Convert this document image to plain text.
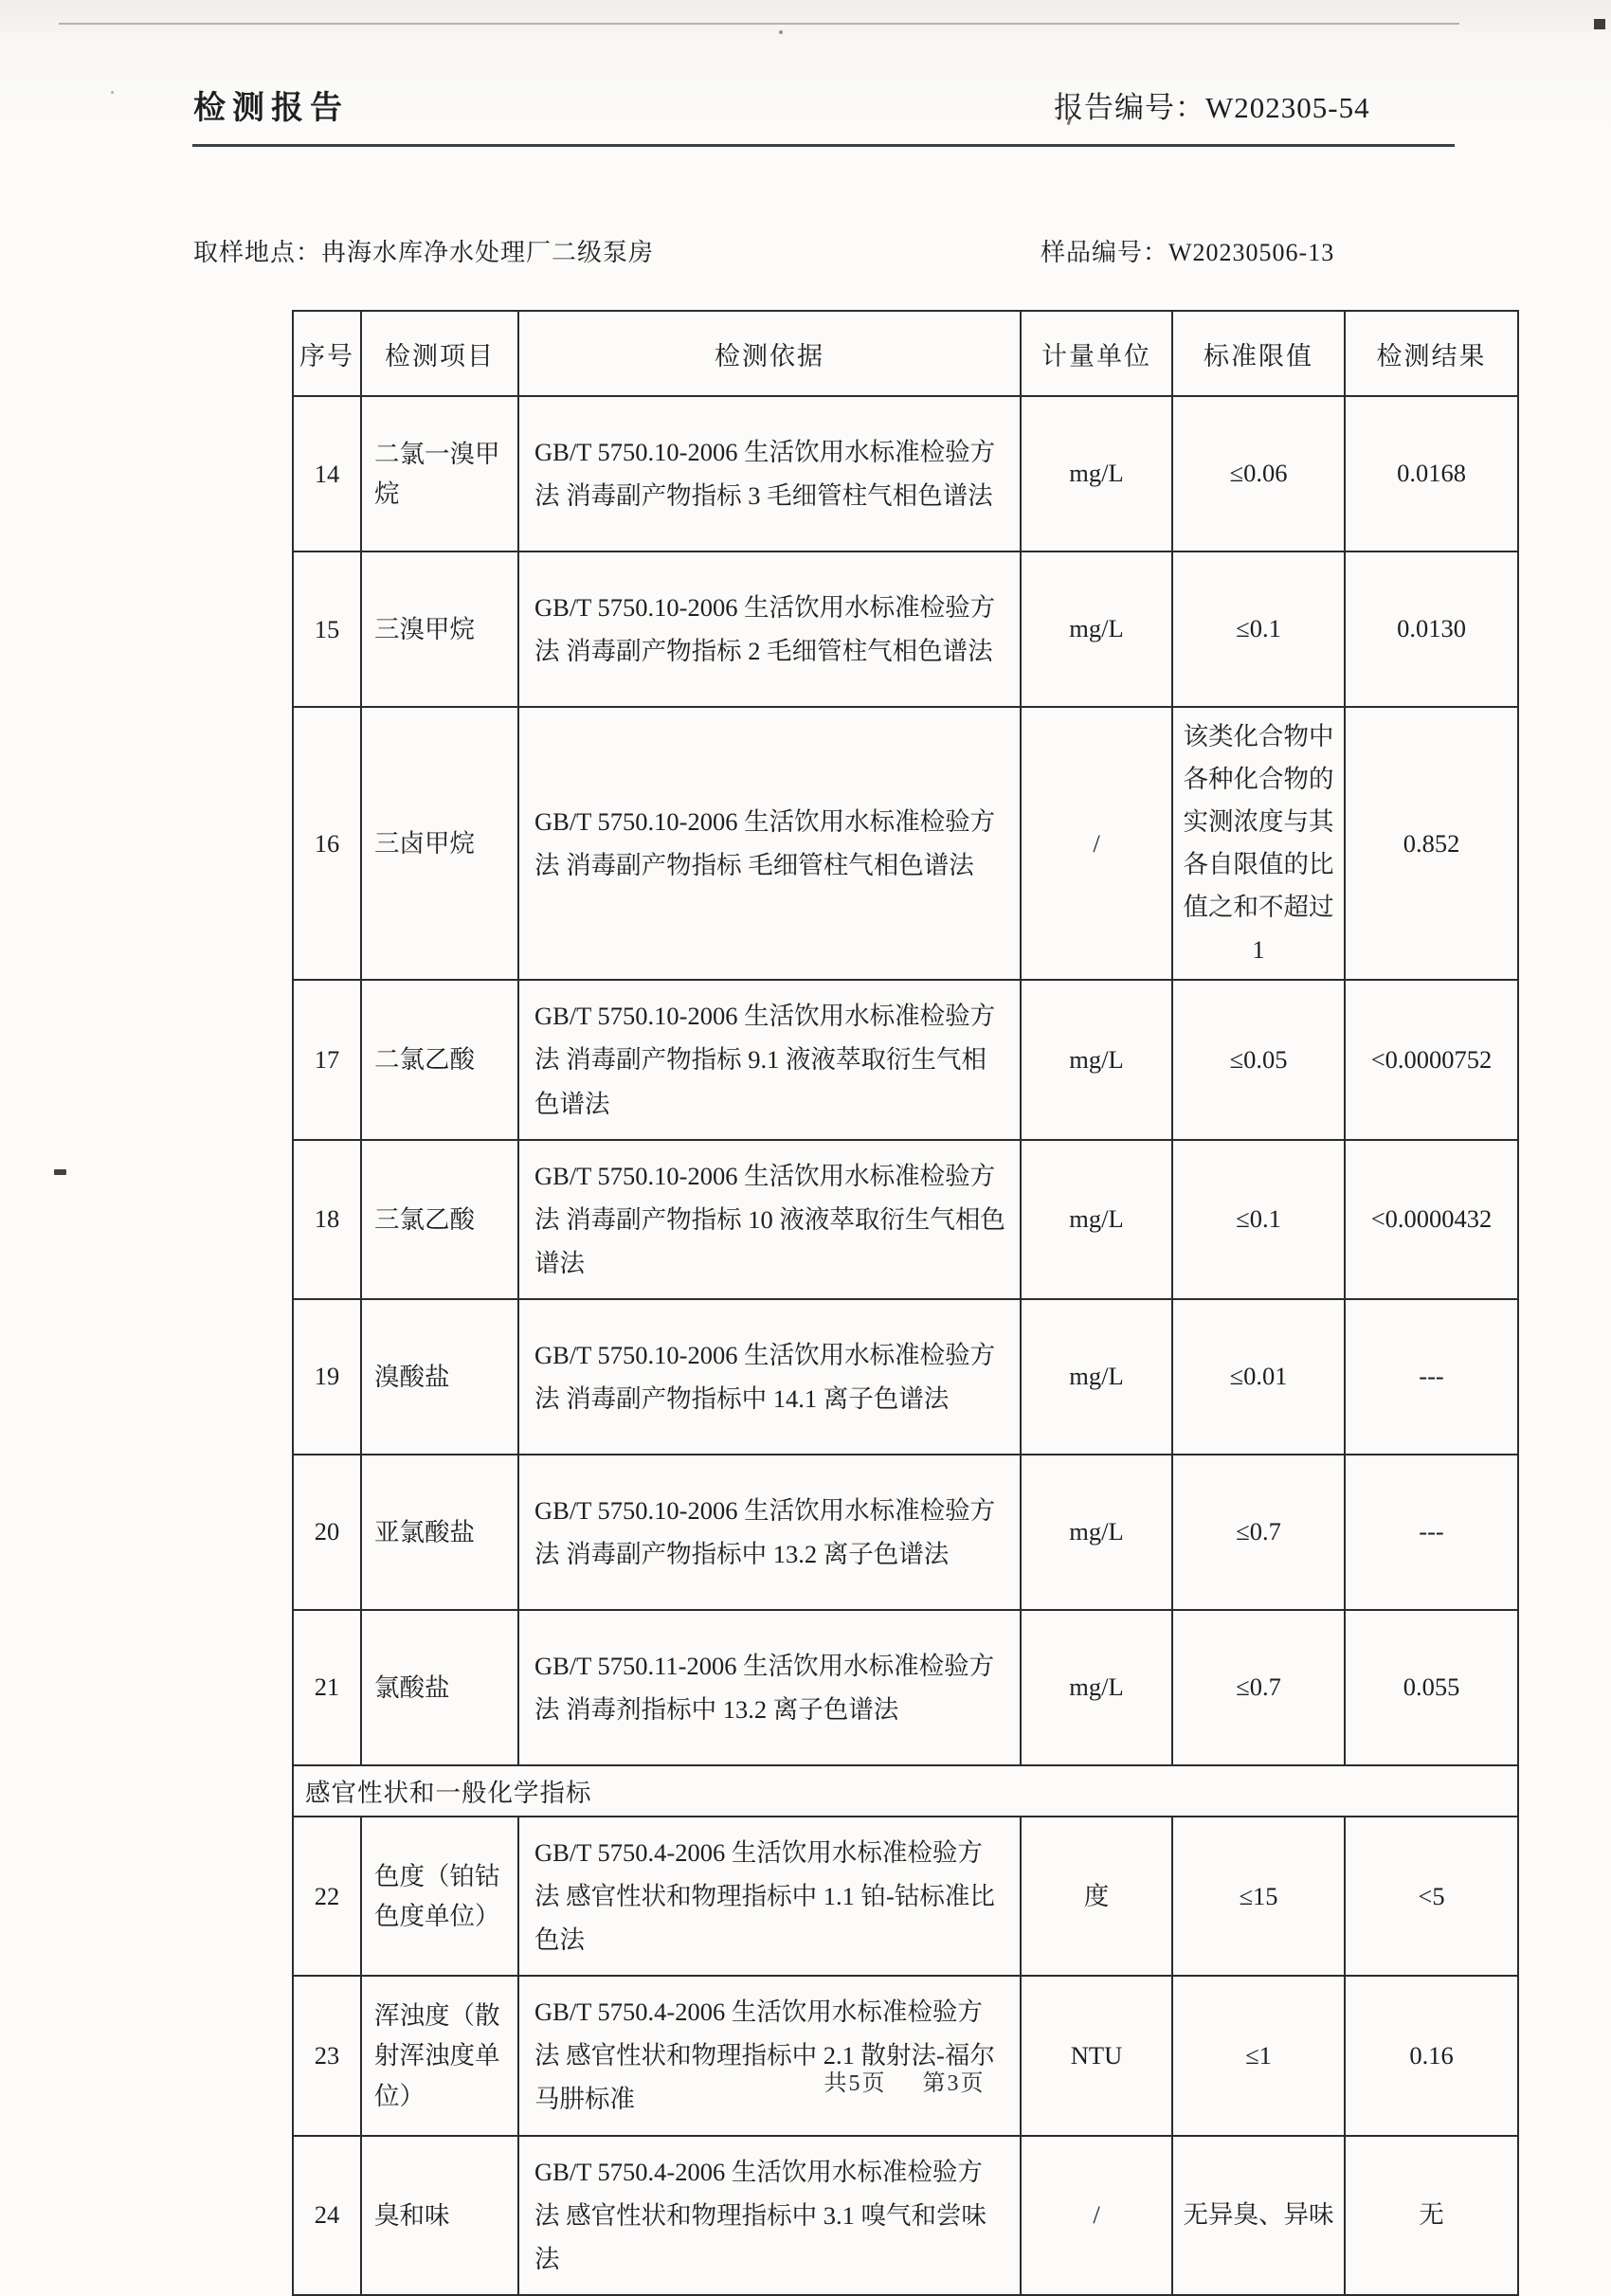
检测报告	报告编号：W202305-54
取样地点：冉海水库净水处理厂二级泵房	样品编号：W20230506-13
序号	检测项目	检测依据	计量单位	标准限值	检测结果
14	二氯一溴甲烷	GB/T 5750.10-2006 生活饮用水标准检验方法 消毒副产物指标 3 毛细管柱气相色谱法	mg/L	≤0.06	0.0168
15	三溴甲烷	GB/T 5750.10-2006 生活饮用水标准检验方法 消毒副产物指标 2 毛细管柱气相色谱法	mg/L	≤0.1	0.0130
16	三卤甲烷	GB/T 5750.10-2006 生活饮用水标准检验方法 消毒副产物指标 毛细管柱气相色谱法	/	该类化合物中各种化合物的实测浓度与其各自限值的比值之和不超过1	0.852
17	二氯乙酸	GB/T 5750.10-2006 生活饮用水标准检验方法 消毒副产物指标 9.1 液液萃取衍生气相色谱法	mg/L	≤0.05	<0.0000752
18	三氯乙酸	GB/T 5750.10-2006 生活饮用水标准检验方法 消毒副产物指标 10 液液萃取衍生气相色谱法	mg/L	≤0.1	<0.0000432
19	溴酸盐	GB/T 5750.10-2006 生活饮用水标准检验方法 消毒副产物指标中 14.1 离子色谱法	mg/L	≤0.01	---
20	亚氯酸盐	GB/T 5750.10-2006 生活饮用水标准检验方法 消毒副产物指标中 13.2 离子色谱法	mg/L	≤0.7	---
21	氯酸盐	GB/T 5750.11-2006 生活饮用水标准检验方法 消毒剂指标中 13.2 离子色谱法	mg/L	≤0.7	0.055
感官性状和一般化学指标					
22	色度（铂钴色度单位）	GB/T 5750.4-2006 生活饮用水标准检验方法 感官性状和物理指标中 1.1 铂-钴标准比色法	度	≤15	<5
23	浑浊度（散射浑浊度单位）	GB/T 5750.4-2006 生活饮用水标准检验方法 感官性状和物理指标中 2.1 散射法-福尔马肼标准	NTU	≤1	0.16
24	臭和味	GB/T 5750.4-2006 生活饮用水标准检验方法 感官性状和物理指标中 3.1 嗅气和尝味法	/	无异臭、异味	无
共5页 第3页
